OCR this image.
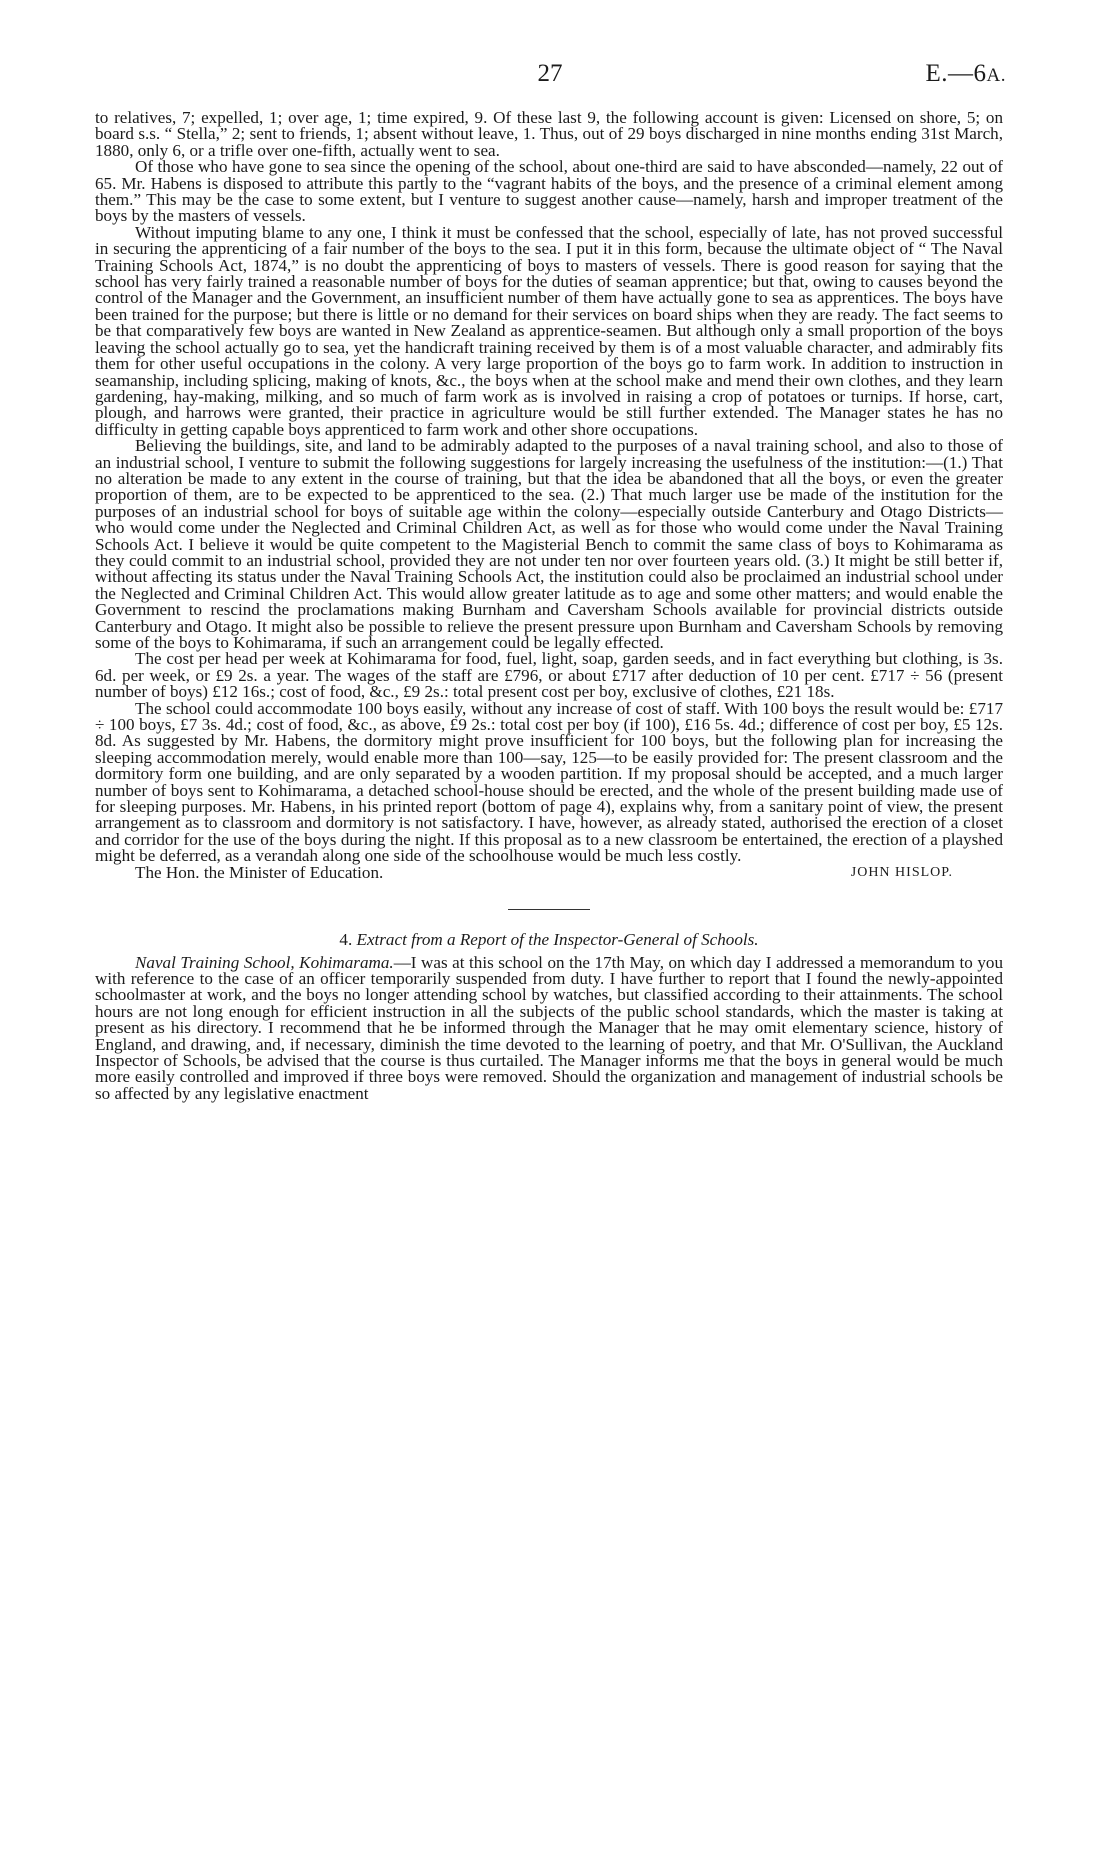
27	E.—6A.

to relatives, 7; expelled, 1; over age, 1; time expired, 9. Of these last 9, the following account is given: Licensed on shore, 5; on board s.s. “ Stella,” 2; sent to friends, 1; absent without leave, 1. Thus, out of 29 boys discharged in nine months ending 31st March, 1880, only 6, or a trifle over one-fifth, actually went to sea.

Of those who have gone to sea since the opening of the school, about one-third are said to have absconded—namely, 22 out of 65. Mr. Habens is disposed to attribute this partly to the “vagrant habits of the boys, and the presence of a criminal element among them.” This may be the case to some extent, but I venture to suggest another cause—namely, harsh and improper treatment of the boys by the masters of vessels.

Without imputing blame to any one, I think it must be confessed that the school, especially of late, has not proved successful in securing the apprenticing of a fair number of the boys to the sea. I put it in this form, because the ultimate object of “ The Naval Training Schools Act, 1874,” is no doubt the apprenticing of boys to masters of vessels. There is good reason for saying that the school has very fairly trained a reasonable number of boys for the duties of seaman apprentice; but that, owing to causes beyond the control of the Manager and the Government, an insufficient number of them have actually gone to sea as apprentices. The boys have been trained for the purpose; but there is little or no demand for their services on board ships when they are ready. The fact seems to be that comparatively few boys are wanted in New Zealand as apprentice-seamen. But although only a small proportion of the boys leaving the school actually go to sea, yet the handicraft training received by them is of a most valuable character, and admirably fits them for other useful occupations in the colony. A very large proportion of the boys go to farm work. In addition to instruction in seamanship, including splicing, making of knots, &c., the boys when at the school make and mend their own clothes, and they learn gardening, hay-making, milking, and so much of farm work as is involved in raising a crop of potatoes or turnips. If horse, cart, plough, and harrows were granted, their practice in agriculture would be still further extended. The Manager states he has no difficulty in getting capable boys apprenticed to farm work and other shore occupations.

Believing the buildings, site, and land to be admirably adapted to the purposes of a naval training school, and also to those of an industrial school, I venture to submit the following suggestions for largely increasing the usefulness of the institution:—(1.) That no alteration be made to any extent in the course of training, but that the idea be abandoned that all the boys, or even the greater proportion of them, are to be expected to be apprenticed to the sea. (2.) That much larger use be made of the institution for the purposes of an industrial school for boys of suitable age within the colony—especially outside Canterbury and Otago Districts—who would come under the Neglected and Criminal Children Act, as well as for those who would come under the Naval Training Schools Act. I believe it would be quite competent to the Magisterial Bench to commit the same class of boys to Kohimarama as they could commit to an industrial school, provided they are not under ten nor over fourteen years old. (3.) It might be still better if, without affecting its status under the Naval Training Schools Act, the institution could also be proclaimed an industrial school under the Neglected and Criminal Children Act. This would allow greater latitude as to age and some other matters; and would enable the Government to rescind the proclamations making Burnham and Caversham Schools available for provincial districts outside Canterbury and Otago. It might also be possible to relieve the present pressure upon Burnham and Caversham Schools by removing some of the boys to Kohimarama, if such an arrangement could be legally effected.

The cost per head per week at Kohimarama for food, fuel, light, soap, garden seeds, and in fact everything but clothing, is 3s. 6d. per week, or £9 2s. a year. The wages of the staff are £796, or about £717 after deduction of 10 per cent. £717 ÷ 56 (present number of boys) £12 16s.; cost of food, &c., £9 2s.: total present cost per boy, exclusive of clothes, £21 18s.

The school could accommodate 100 boys easily, without any increase of cost of staff. With 100 boys the result would be: £717 ÷ 100 boys, £7 3s. 4d.; cost of food, &c., as above, £9 2s.: total cost per boy (if 100), £16 5s. 4d.; difference of cost per boy, £5 12s. 8d. As suggested by Mr. Habens, the dormitory might prove insufficient for 100 boys, but the following plan for increasing the sleeping accommodation merely, would enable more than 100—say, 125—to be easily provided for: The present classroom and the dormitory form one building, and are only separated by a wooden partition. If my proposal should be accepted, and a much larger number of boys sent to Kohimarama, a detached school-house should be erected, and the whole of the present building made use of for sleeping purposes. Mr. Habens, in his printed report (bottom of page 4), explains why, from a sanitary point of view, the present arrangement as to classroom and dormitory is not satisfactory. I have, however, as already stated, authorised the erection of a closet and corridor for the use of the boys during the night. If this proposal as to a new classroom be entertained, the erection of a playshed might be deferred, as a verandah along one side of the schoolhouse would be much less costly.

The Hon. the Minister of Education.	JOHN HISLOP.
4. Extract from a Report of the Inspector-General of Schools.

Naval Training School, Kohimarama.—I was at this school on the 17th May, on which day I addressed a memorandum to you with reference to the case of an officer temporarily suspended from duty. I have further to report that I found the newly-appointed schoolmaster at work, and the boys no longer attending school by watches, but classified according to their attainments. The school hours are not long enough for efficient instruction in all the subjects of the public school standards, which the master is taking at present as his directory. I recommend that he be informed through the Manager that he may omit elementary science, history of England, and drawing, and, if necessary, diminish the time devoted to the learning of poetry, and that Mr. O'Sullivan, the Auckland Inspector of Schools, be advised that the course is thus curtailed. The Manager informs me that the boys in general would be much more easily controlled and improved if three boys were removed. Should the organization and management of industrial schools be so affected by any legislative enactment
